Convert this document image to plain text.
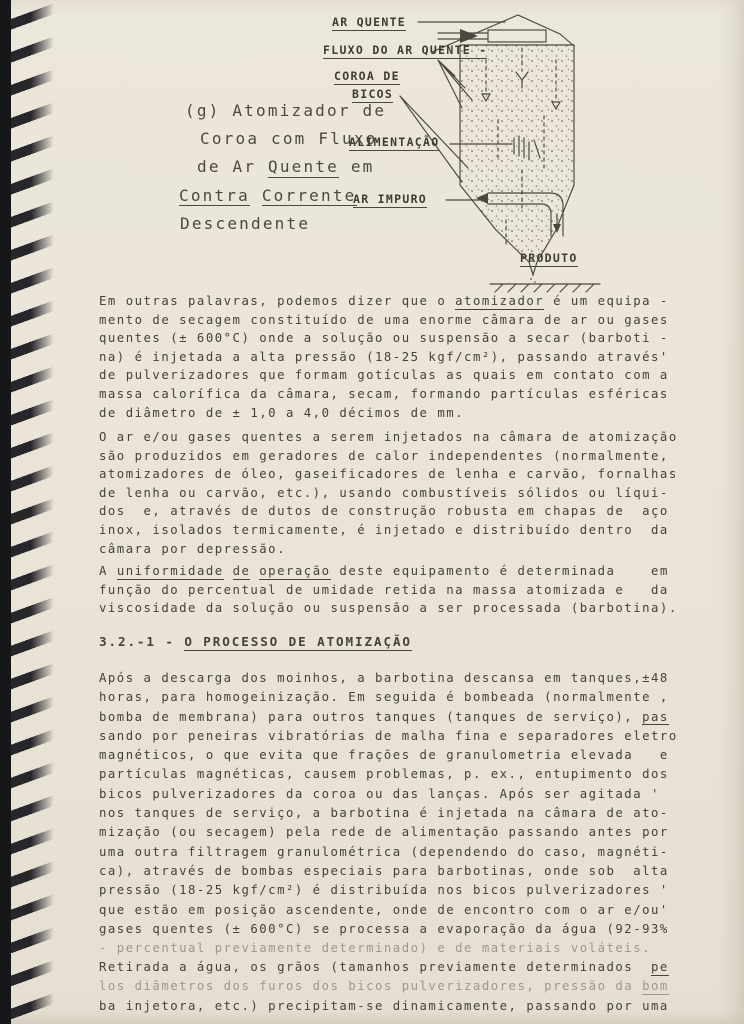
(g) Atomizador de
Coroa com Fluxo
de Ar Quente em
Contra Corrente
Descendente
AR QUENTE
FLUXO DO AR QUENTE -
COROA DE
BICOS
ALIMENTAÇÃO
AR IMPURO
PRODUTO
Em outras palavras, podemos dizer que o atomizador é um equipa -
mento de secagem constituído de uma enorme câmara de ar ou gases
quentes (± 600°C) onde a solução ou suspensão a secar (barboti -
na) é injetada a alta pressão (18-25 kgf/cm²), passando através'
de pulverizadores que formam gotículas as quais em contato com a
massa calorífica da câmara, secam, formando partículas esféricas
de diâmetro de ± 1,0 a 4,0 décimos de mm.
O ar e/ou gases quentes a serem injetados na câmara de atomização
são produzidos em geradores de calor independentes (normalmente,
atomizadores de óleo, gaseificadores de lenha e carvão, fornalhas
de lenha ou carvão, etc.), usando combustíveis sólidos ou líqui-
dos  e, através de dutos de construção robusta em chapas de  aço
inox, isolados termicamente, é injetado e distribuído dentro  da
câmara por depressão.
A uniformidade de operação deste equipamento é determinada    em
função do percentual de umidade retida na massa atomizada e   da
viscosidade da solução ou suspensão a ser processada (barbotina).
3.2.-1 - O PROCESSO DE ATOMIZAÇÃO
Após a descarga dos moinhos, a barbotina descansa em tanques,±48
horas, para homogeinização. Em seguida é bombeada (normalmente ,
bomba de membrana) para outros tanques (tanques de serviço), pas
sando por peneiras vibratórias de malha fina e separadores eletro
magnéticos, o que evita que frações de granulometria elevada   e
partículas magnéticas, causem problemas, p. ex., entupimento dos
bicos pulverizadores da coroa ou das lanças. Após ser agitada '
nos tanques de serviço, a barbotina é injetada na câmara de ato-
mização (ou secagem) pela rede de alimentação passando antes por
uma outra filtragem granulométrica (dependendo do caso, magnéti-
ca), através de bombas especiais para barbotinas, onde sob  alta
pressão (18-25 kgf/cm²) é distribuída nos bicos pulverizadores '
que estão em posição ascendente, onde de encontro com o ar e/ou'
gases quentes (± 600°C) se processa a evaporação da água (92-93%
- percentual previamente determinado) e de materiais voláteis.
Retirada a água, os grãos (tamanhos previamente determinados  pe
los diâmetros dos furos dos bicos pulverizadores, pressão da bom
ba injetora, etc.) precipitam-se dinamicamente, passando por uma
